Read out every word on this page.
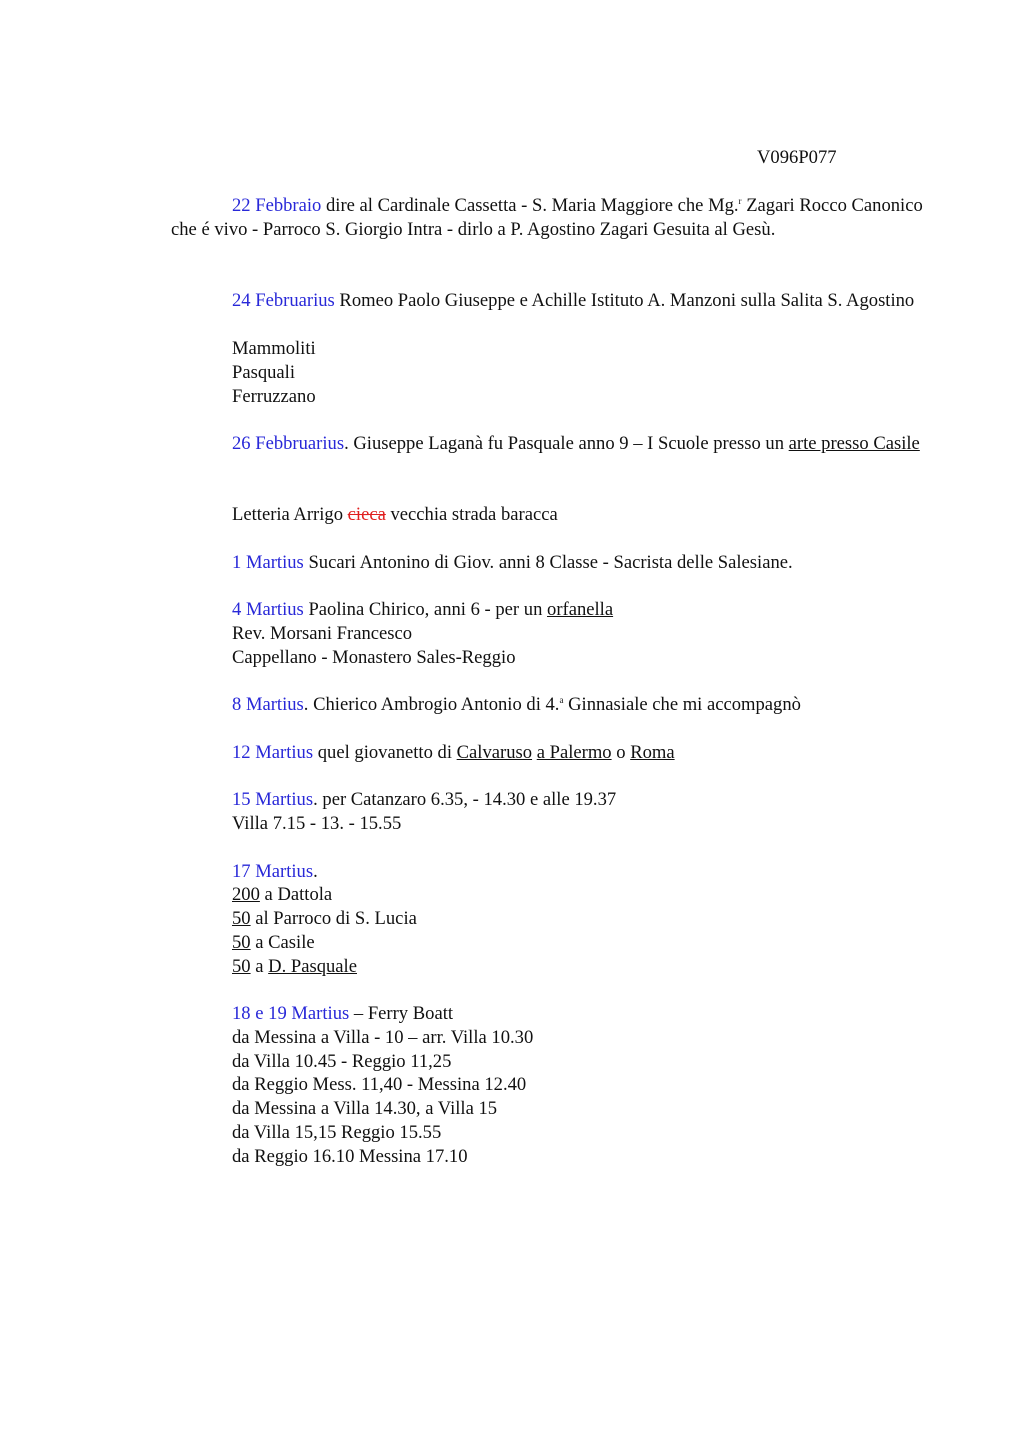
V096P077
22 Febbraio dire al Cardinale Cassetta - S. Maria Maggiore che Mg.$^r$ Zagari Rocco Canonico che é vivo - Parroco S. Giorgio Intra - dirlo a P. Agostino Zagari Gesuita al Gesù.
24 Februarius Romeo Paolo Giuseppe e Achille Istituto A. Manzoni sulla Salita S. Agostino
Mammoliti
Pasquali
Ferruzzano
26 Febbruarius. Giuseppe Laganà fu Pasquale anno 9 – I Scuole presso un arte presso Casile
Letteria Arrigo cieca vecchia strada baracca
1 Martius Sucari Antonino di Giov. anni 8 Classe - Sacrista delle Salesiane.
4 Martius Paolina Chirico, anni 6 - per un orfanella
Rev. Morsani Francesco
Cappellano - Monastero Sales-Reggio
8 Martius. Chierico Ambrogio Antonio di 4.$^a$ Ginnasiale che mi accompagnò
12 Martius quel giovanetto di Calvaruso a Palermo o Roma
15 Martius. per Catanzaro 6.35, - 14.30 e alle 19.37
Villa 7.15 - 13. - 15.55
17 Martius.
200 a Dattola
50 al Parroco di S. Lucia
50 a Casile
50 a D. Pasquale
18 e 19 Martius – Ferry Boatt
da Messina a Villa - 10 – arr. Villa 10.30
da Villa 10.45 - Reggio 11,25
da Reggio Mess. 11,40 - Messina 12.40
da Messina a Villa 14.30, a Villa 15
da Villa 15,15 Reggio 15.55
da Reggio 16.10 Messina 17.10
